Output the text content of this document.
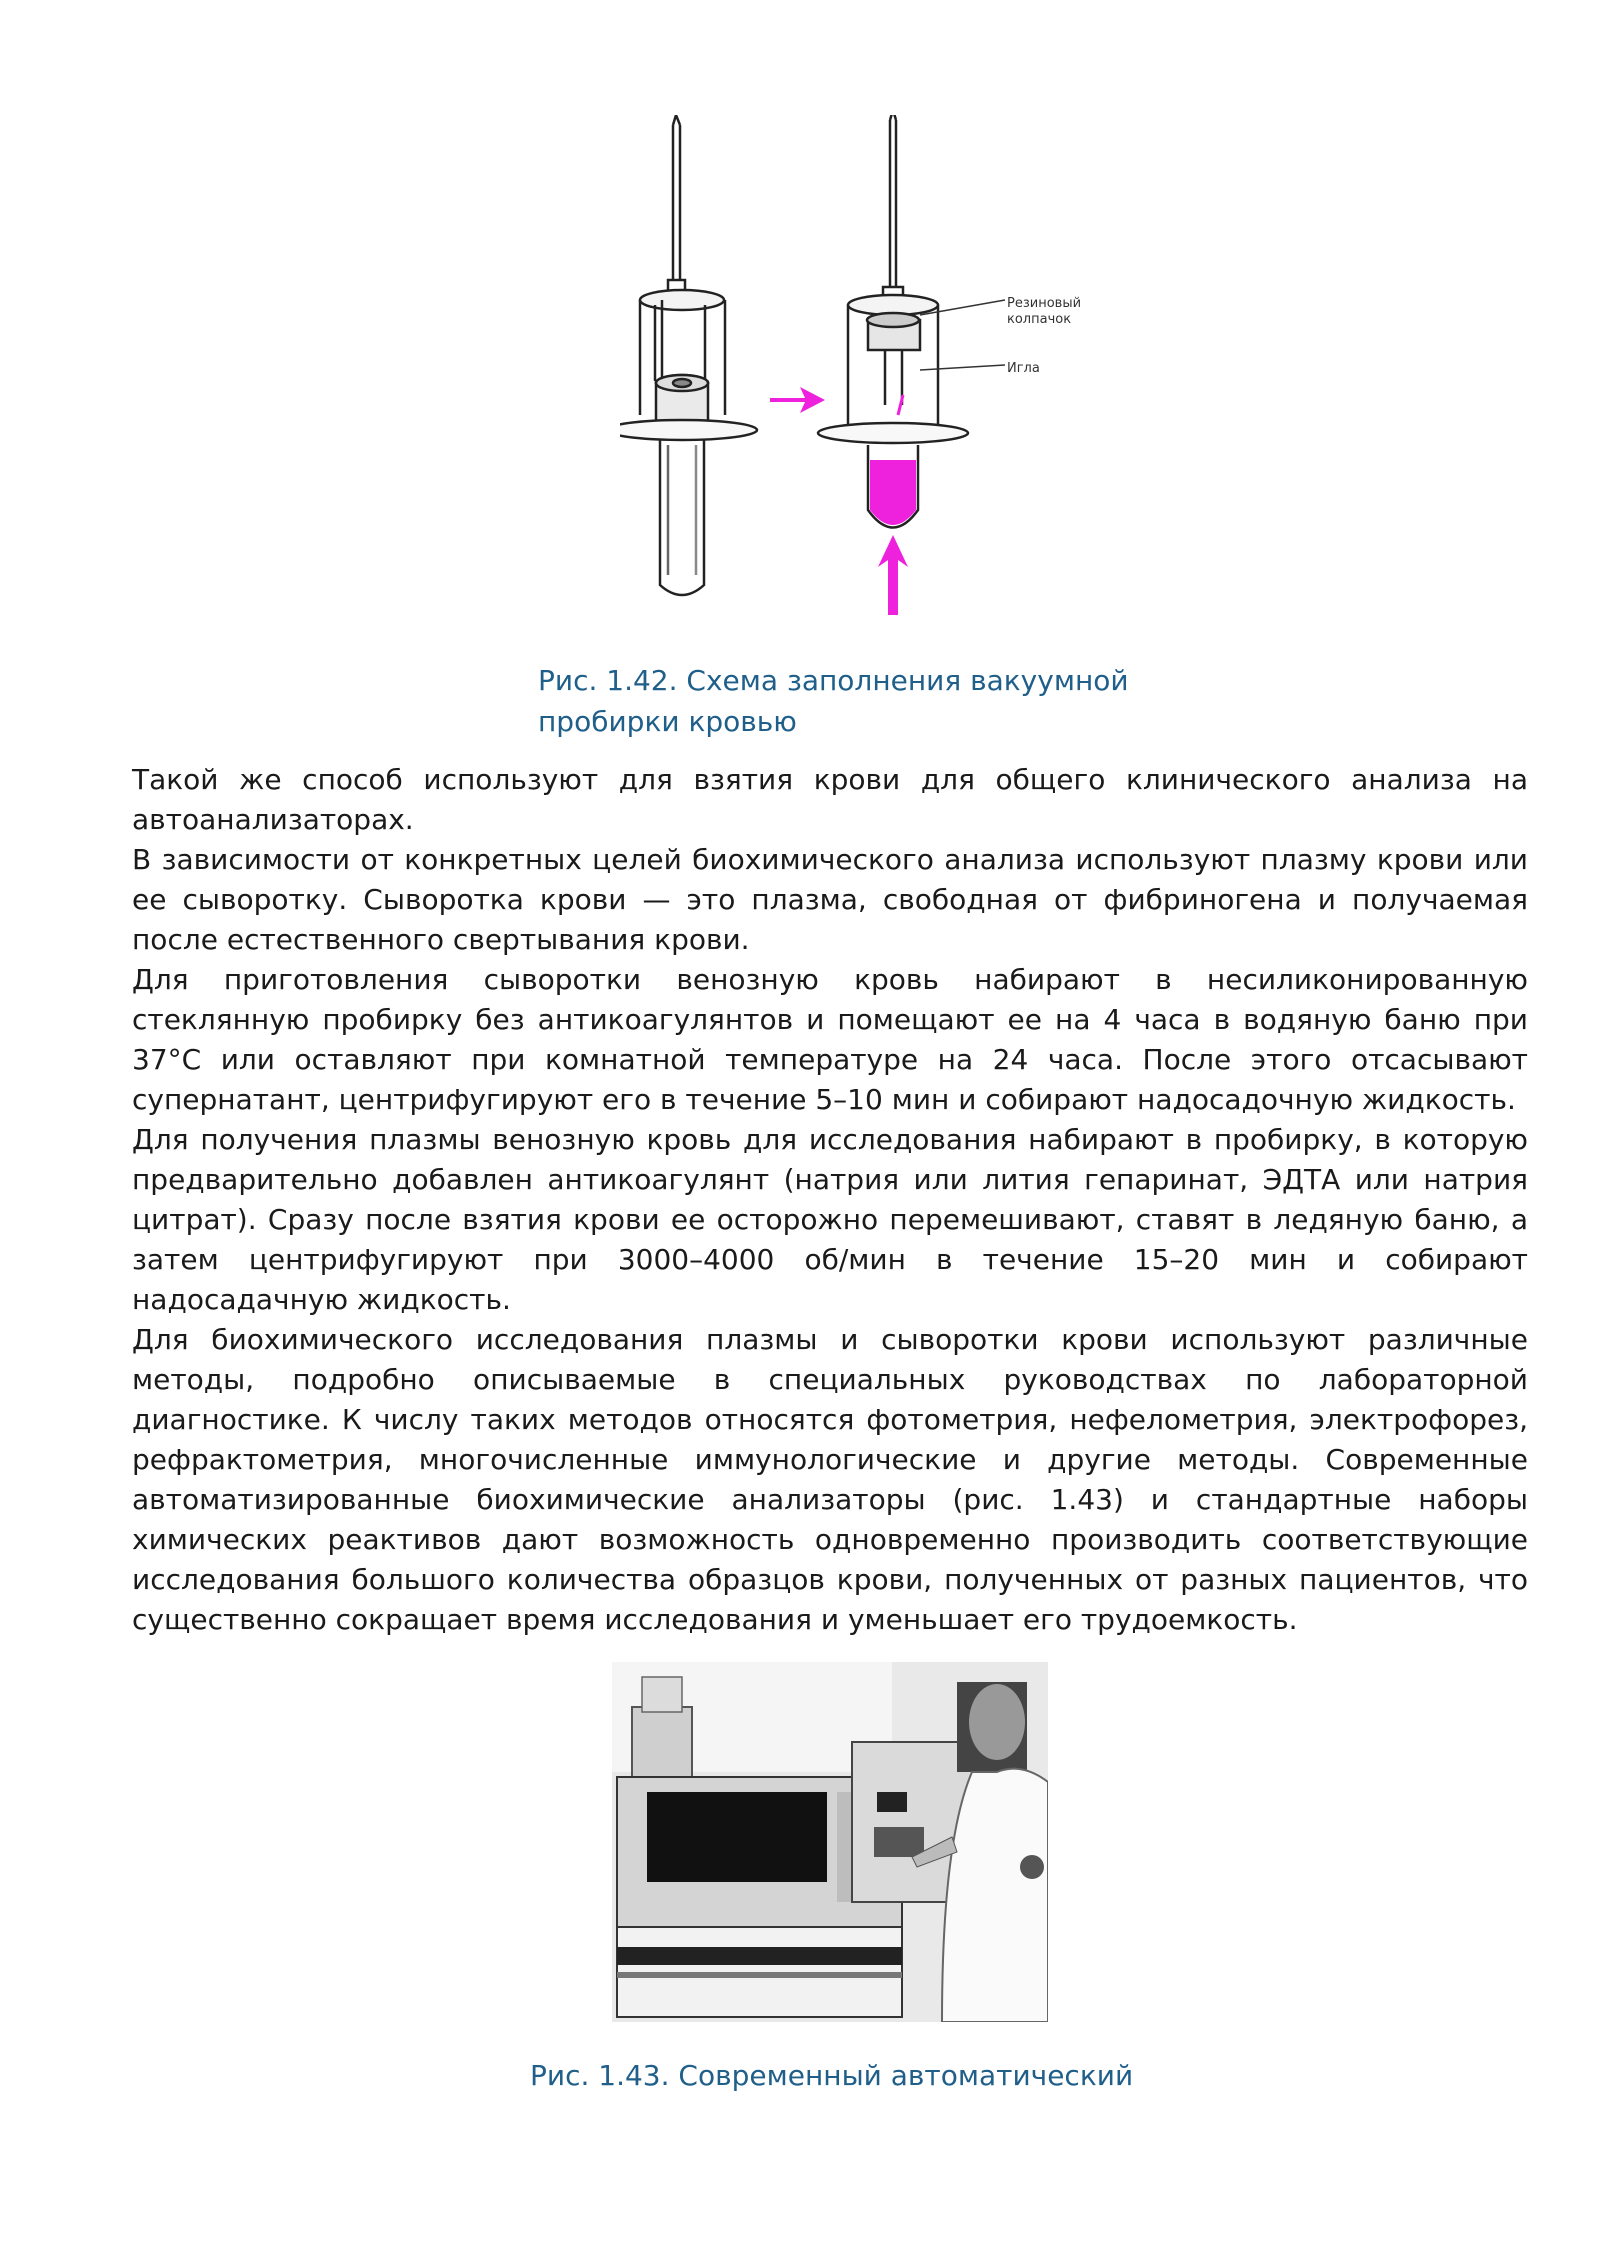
Резиновый
колпачок
Игла
Рис. 1.42. Схема заполнения вакуумной пробирки кровью

Такой же способ используют для взятия крови для общего клинического анализа на автоанализаторах.

В зависимости от конкретных целей биохимического анализа используют плазму крови или ее сыворотку. Сыворотка крови — это плазма, свободная от фибриногена и получаемая после естественного свертывания крови.

Для приготовления сыворотки венозную кровь набирают в несиликонированную стеклянную пробирку без антикоагулянтов и помещают ее на 4 часа в водяную баню при 37°C или оставляют при комнатной температуре на 24 часа. После этого отсасывают супернатант, центрифугируют его в течение 5–10 мин и собирают надосадочную жидкость.

Для получения плазмы венозную кровь для исследования набирают в пробирку, в которую предварительно добавлен антикоагулянт (натрия или лития гепаринат, ЭДТА или натрия цитрат). Сразу после взятия крови ее осторожно перемешивают, ставят в ледяную баню, а затем центрифугируют при 3000–4000 об/мин в течение 15–20 мин и собирают надосадачную жидкость.

Для биохимического исследования плазмы и сыворотки крови используют различные методы, подробно описываемые в специальных руководствах по лабораторной диагностике. К числу таких методов относятся фотометрия, нефелометрия, электрофорез, рефрактометрия, многочисленные иммунологические и другие методы. Современные автоматизированные биохимические анализаторы (рис. 1.43) и стандартные наборы химических реактивов дают возможность одновременно производить соответствующие исследования большого количества образцов крови, полученных от разных пациентов, что существенно сокращает время исследования и уменьшает его трудоемкость.

Рис. 1.43. Современный автоматический
